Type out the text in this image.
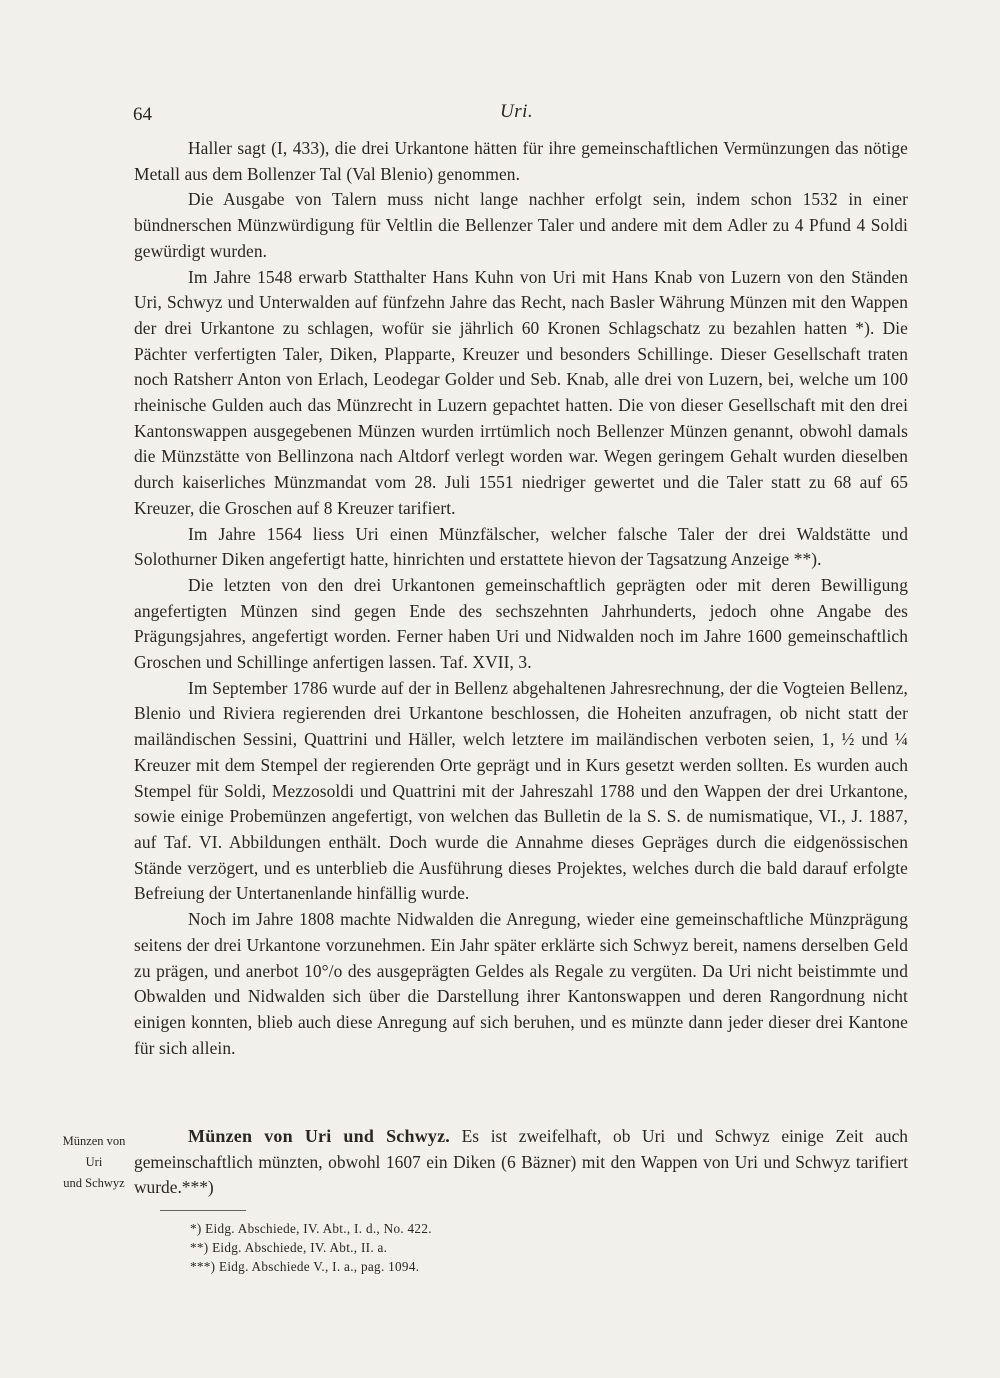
64	Uri.

Haller sagt (I, 433), die drei Urkantone hätten für ihre gemeinschaftlichen Vermünzungen das nötige Metall aus dem Bollenzer Tal (Val Blenio) genommen.

Die Ausgabe von Talern muss nicht lange nachher erfolgt sein, indem schon 1532 in einer bündnerschen Münzwürdigung für Veltlin die Bellenzer Taler und andere mit dem Adler zu 4 Pfund 4 Soldi gewürdigt wurden.

Im Jahre 1548 erwarb Statthalter Hans Kuhn von Uri mit Hans Knab von Luzern von den Ständen Uri, Schwyz und Unterwalden auf fünfzehn Jahre das Recht, nach Basler Währung Münzen mit den Wappen der drei Urkantone zu schlagen, wofür sie jährlich 60 Kronen Schlagschatz zu bezahlen hatten *). Die Pächter verfertigten Taler, Diken, Plapparte, Kreuzer und besonders Schillinge. Dieser Gesellschaft traten noch Ratsherr Anton von Erlach, Leodegar Golder und Seb. Knab, alle drei von Luzern, bei, welche um 100 rheinische Gulden auch das Münzrecht in Luzern gepachtet hatten. Die von dieser Gesellschaft mit den drei Kantonswappen ausgegebenen Münzen wurden irrtümlich noch Bellenzer Münzen genannt, obwohl damals die Münzstätte von Bellinzona nach Altdorf verlegt worden war. Wegen geringem Gehalt wurden dieselben durch kaiserliches Münzmandat vom 28. Juli 1551 niedriger gewertet und die Taler statt zu 68 auf 65 Kreuzer, die Groschen auf 8 Kreuzer tarifiert.

Im Jahre 1564 liess Uri einen Münzfälscher, welcher falsche Taler der drei Waldstätte und Solothurner Diken angefertigt hatte, hinrichten und erstattete hievon der Tagsatzung Anzeige **).

Die letzten von den drei Urkantonen gemeinschaftlich geprägten oder mit deren Bewilligung angefertigten Münzen sind gegen Ende des sechszehnten Jahrhunderts, jedoch ohne Angabe des Prägungsjahres, angefertigt worden. Ferner haben Uri und Nidwalden noch im Jahre 1600 gemeinschaftlich Groschen und Schillinge anfertigen lassen. Taf. XVII, 3.

Im September 1786 wurde auf der in Bellenz abgehaltenen Jahresrechnung, der die Vogteien Bellenz, Blenio und Riviera regierenden drei Urkantone beschlossen, die Hoheiten anzufragen, ob nicht statt der mailändischen Sessini, Quattrini und Häller, welch letztere im mailändischen verboten seien, 1, ½ und ¼ Kreuzer mit dem Stempel der regierenden Orte geprägt und in Kurs gesetzt werden sollten. Es wurden auch Stempel für Soldi, Mezzosoldi und Quattrini mit der Jahreszahl 1788 und den Wappen der drei Urkantone, sowie einige Probemünzen angefertigt, von welchen das Bulletin de la S. S. de numismatique, VI., J. 1887, auf Taf. VI. Abbildungen enthält. Doch wurde die Annahme dieses Gepräges durch die eidgenössischen Stände verzögert, und es unterblieb die Ausführung dieses Projektes, welches durch die bald darauf erfolgte Befreiung der Untertanenlande hinfällig wurde.

Noch im Jahre 1808 machte Nidwalden die Anregung, wieder eine gemeinschaftliche Münzprägung seitens der drei Urkantone vorzunehmen. Ein Jahr später erklärte sich Schwyz bereit, namens derselben Geld zu prägen, und anerbot 10°/o des ausgeprägten Geldes als Regale zu vergüten. Da Uri nicht beistimmte und Obwalden und Nidwalden sich über die Darstellung ihrer Kantonswappen und deren Rangordnung nicht einigen konnten, blieb auch diese Anregung auf sich beruhen, und es münzte dann jeder dieser drei Kantone für sich allein.

Münzen von
Uri
und Schwyz

Münzen von Uri und Schwyz. Es ist zweifelhaft, ob Uri und Schwyz einige Zeit auch gemeinschaftlich münzten, obwohl 1607 ein Diken (6 Bäzner) mit den Wappen von Uri und Schwyz tarifiert wurde.***)

*) Eidg. Abschiede, IV. Abt., I. d., No. 422.
**) Eidg. Abschiede, IV. Abt., II. a.
***) Eidg. Abschiede V., I. a., pag. 1094.
